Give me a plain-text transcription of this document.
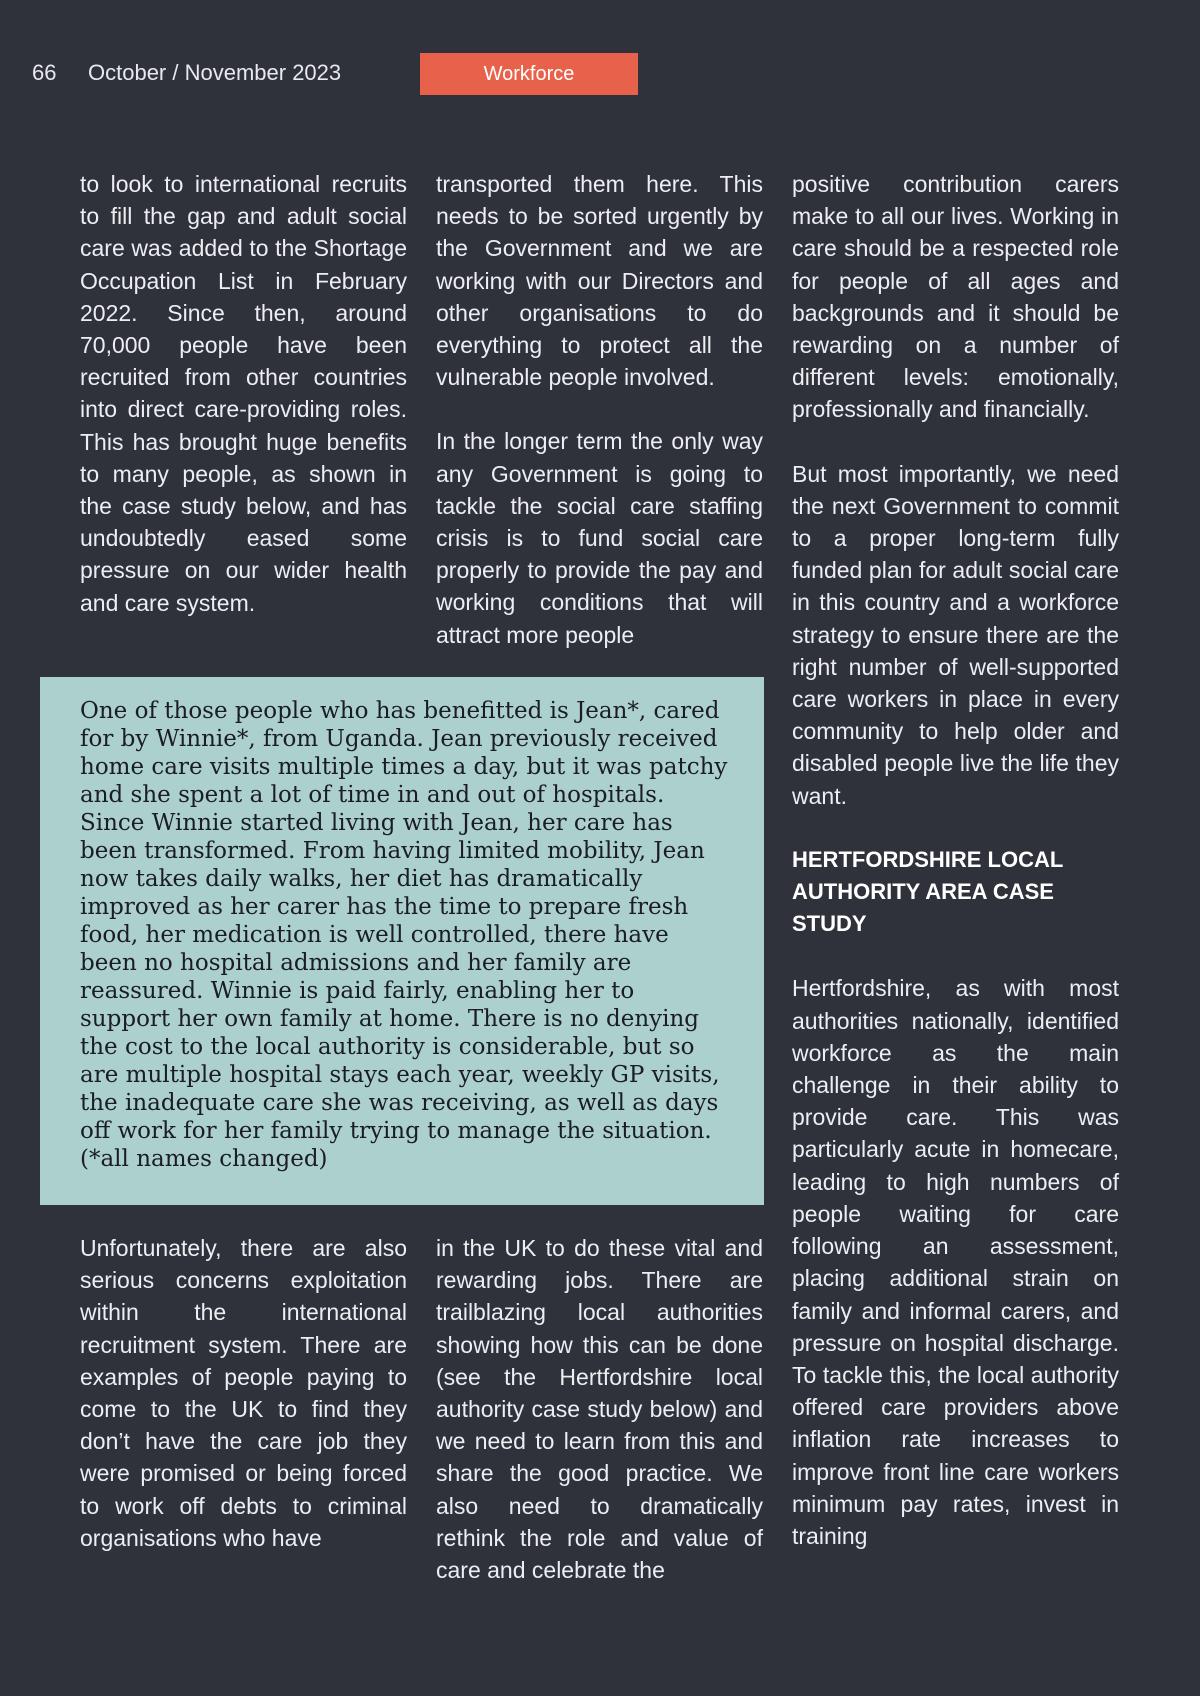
66 October / November 2023	Workforce

to look to international recruits to fill the gap and adult social care was added to the Shortage Occupation List in February 2022. Since then, around 70,000 people have been recruited from other countries into direct care-providing roles. This has brought huge benefits to many people, as shown in the case study below, and has undoubtedly eased some pressure on our wider health and care system.

transported them here. This needs to be sorted urgently by the Government and we are working with our Directors and other organisations to do everything to protect all the vulnerable people involved.

In the longer term the only way any Government is going to tackle the social care staffing crisis is to fund social care properly to provide the pay and working conditions that will attract more people

One of those people who has benefitted is Jean*, cared for by Winnie*, from Uganda. Jean previously received home care visits multiple times a day, but it was patchy and she spent a lot of time in and out of hospitals. Since Winnie started living with Jean, her care has been transformed. From having limited mobility, Jean now takes daily walks, her diet has dramatically improved as her carer has the time to prepare fresh food, her medication is well controlled, there have been no hospital admissions and her family are reassured. Winnie is paid fairly, enabling her to support her own family at home. There is no denying the cost to the local authority is considerable, but so are multiple hospital stays each year, weekly GP visits, the inadequate care she was receiving, as well as days off work for her family trying to manage the situation. (*all names changed)

Unfortunately, there are also serious concerns exploitation within the international recruitment system. There are examples of people paying to come to the UK to find they don’t have the care job they were promised or being forced to work off debts to criminal organisations who have

in the UK to do these vital and rewarding jobs. There are trailblazing local authorities showing how this can be done (see the Hertfordshire local authority case study below) and we need to learn from this and share the good practice. We also need to dramatically rethink the role and value of care and celebrate the

positive contribution carers make to all our lives. Working in care should be a respected role for people of all ages and backgrounds and it should be rewarding on a number of different levels: emotionally, professionally and financially.

But most importantly, we need the next Government to commit to a proper long-term fully funded plan for adult social care in this country and a workforce strategy to ensure there are the right number of well-supported care workers in place in every community to help older and disabled people live the life they want.

HERTFORDSHIRE LOCAL AUTHORITY AREA CASE STUDY

Hertfordshire, as with most authorities nationally, identified workforce as the main challenge in their ability to provide care. This was particularly acute in homecare, leading to high numbers of people waiting for care following an assessment, placing additional strain on family and informal carers, and pressure on hospital discharge. To tackle this, the local authority offered care providers above inflation rate increases to improve front line care workers minimum pay rates, invest in training
